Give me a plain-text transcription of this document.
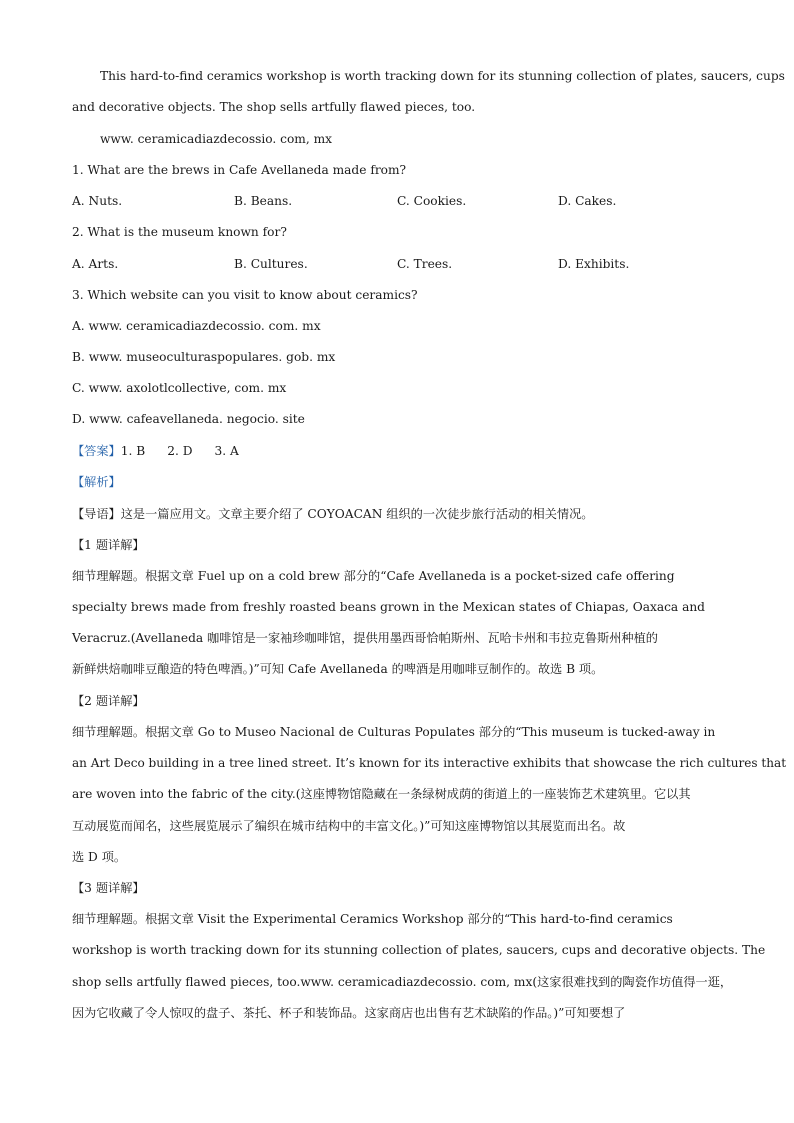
This hard-to-find ceramics workshop is worth tracking down for its stunning collection of plates, saucers, cups
and decorative objects. The shop sells artfully flawed pieces, too.
www. ceramicadiazdecossio. com, mx
1. What are the brews in Cafe Avellaneda made from?
A. Nuts.	B. Beans.	C. Cookies.	D. Cakes.
2. What is the museum known for?
A. Arts.	B. Cultures.	C. Trees.	D. Exhibits.
3. Which website can you visit to know about ceramics?
A. www. ceramicadiazdecossio. com. mx
B. www. museoculturaspopulares. gob. mx
C. www. axolotlcollective, com. mx
D. www. cafeavellaneda. negocio. site
【答案】1. B 2. D 3. A
【解析】
【导语】这是一篇应用文。文章主要介绍了 COYOACAN 组织的一次徒步旅行活动的相关情况。
【1 题详解】
细节理解题。根据文章 Fuel up on a cold brew 部分的“Cafe Avellaneda is a pocket-sized cafe offering
specialty brews made from freshly roasted beans grown in the Mexican states of Chiapas, Oaxaca and
Veracruz.(Avellaneda 咖啡馆是一家袖珍咖啡馆，提供用墨西哥恰帕斯州、瓦哈卡州和韦拉克鲁斯州种植的
新鲜烘焙咖啡豆酿造的特色啤酒。)”可知 Cafe Avellaneda 的啤酒是用咖啡豆制作的。故选 B 项。
【2 题详解】
细节理解题。根据文章 Go to Museo Nacional de Culturas Populates 部分的“This museum is tucked-away in
an Art Deco building in a tree lined street. It’s known for its interactive exhibits that showcase the rich cultures that
are woven into the fabric of the city.(这座博物馆隐藏在一条绿树成荫的街道上的一座装饰艺术建筑里。它以其
互动展览而闻名，这些展览展示了编织在城市结构中的丰富文化。)”可知这座博物馆以其展览而出名。故
选 D 项。
【3 题详解】
细节理解题。根据文章 Visit the Experimental Ceramics Workshop 部分的“This hard-to-find ceramics
workshop is worth tracking down for its stunning collection of plates, saucers, cups and decorative objects. The
shop sells artfully flawed pieces, too.www. ceramicadiazdecossio. com, mx(这家很难找到的陶瓷作坊值得一逛，
因为它收藏了令人惊叹的盘子、茶托、杯子和装饰品。这家商店也出售有艺术缺陷的作品。)”可知要想了
